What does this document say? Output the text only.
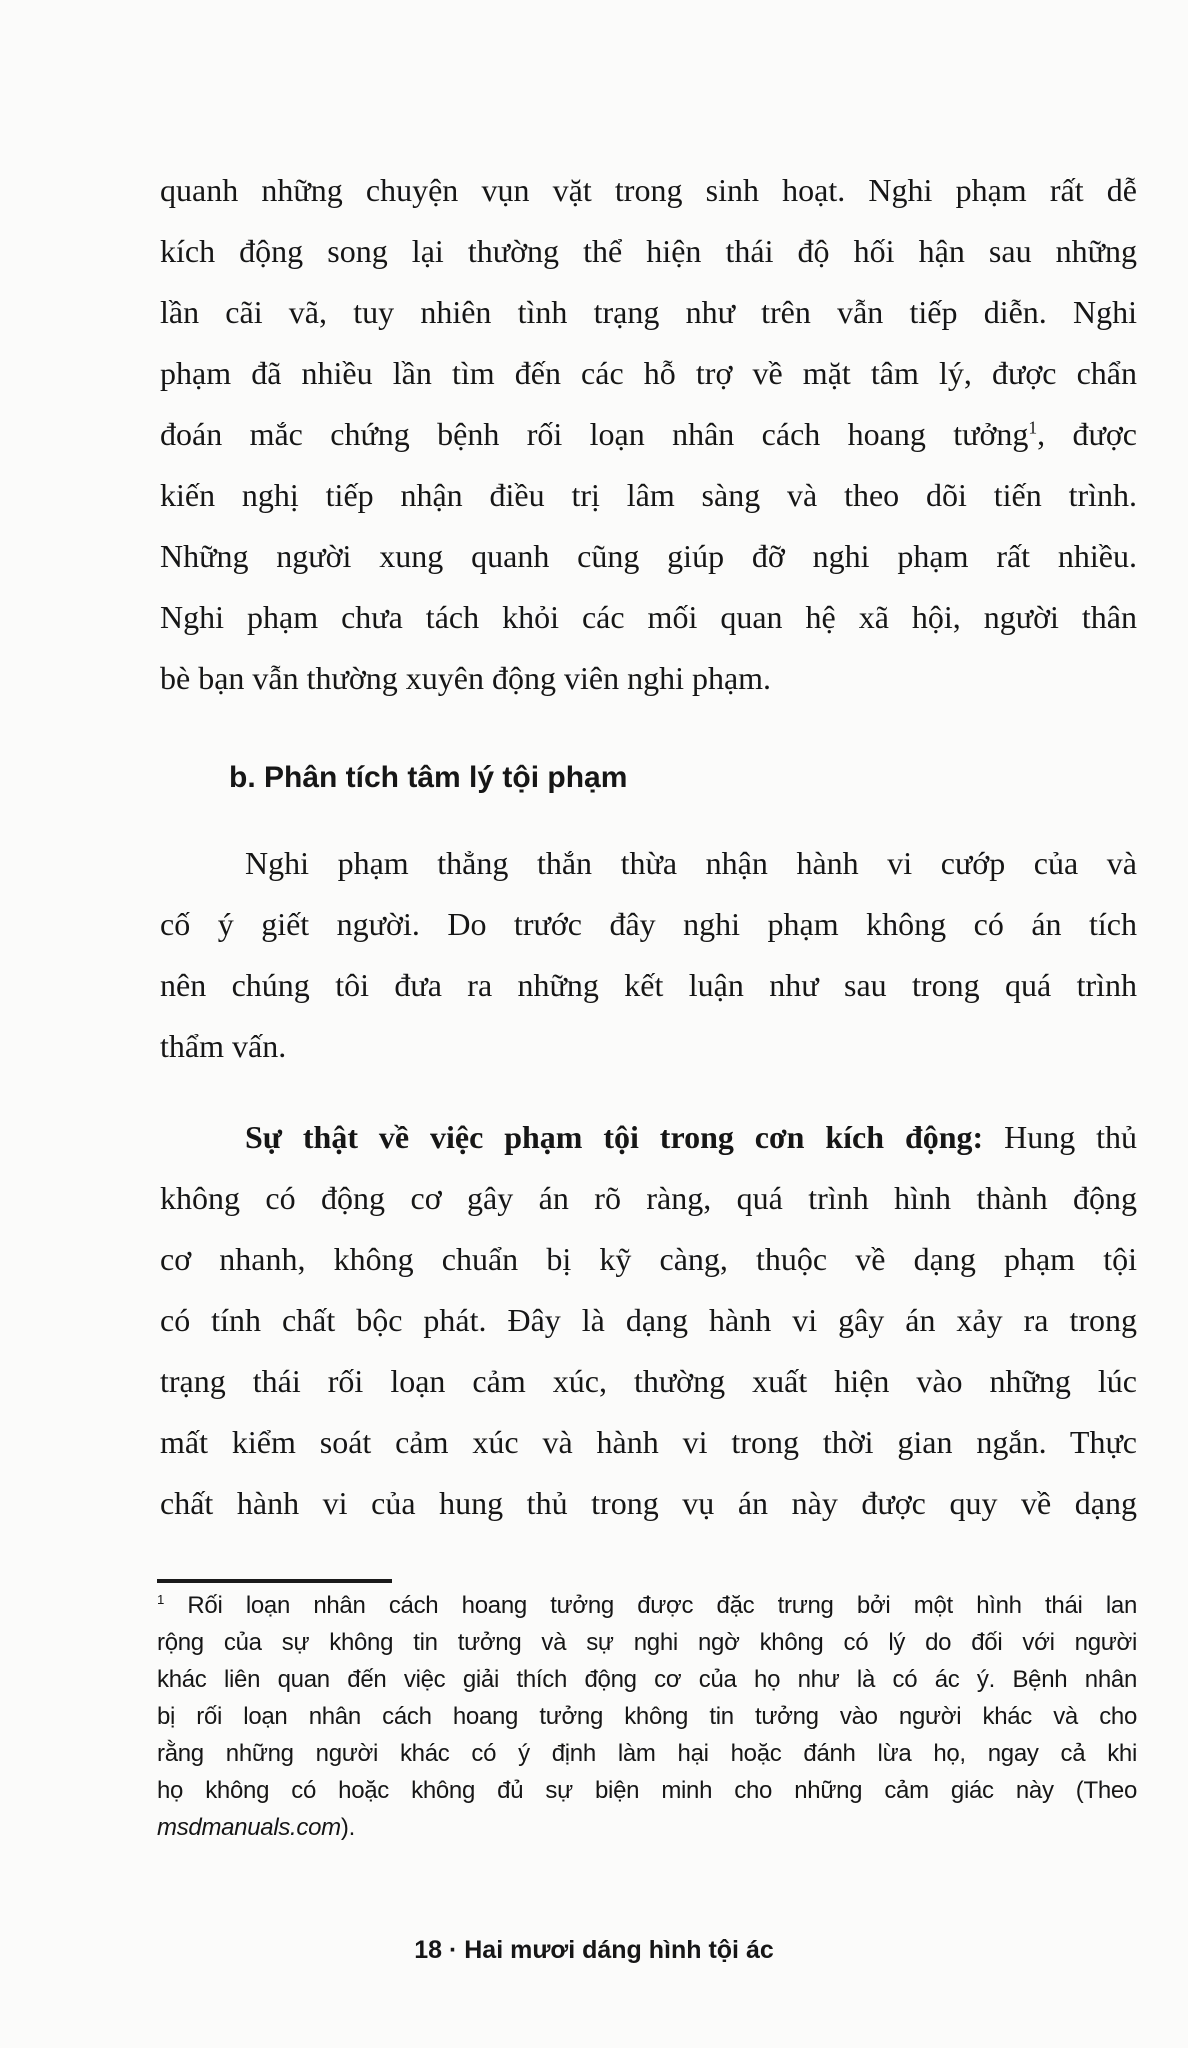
quanh những chuyện vụn vặt trong sinh hoạt. Nghi phạm rất dễ
kích động song lại thường thể hiện thái độ hối hận sau những
lần cãi vã, tuy nhiên tình trạng như trên vẫn tiếp diễn. Nghi
phạm đã nhiều lần tìm đến các hỗ trợ về mặt tâm lý, được chẩn
đoán mắc chứng bệnh rối loạn nhân cách hoang tưởng$^1$, được
kiến nghị tiếp nhận điều trị lâm sàng và theo dõi tiến trình.
Những người xung quanh cũng giúp đỡ nghi phạm rất nhiều.
Nghi phạm chưa tách khỏi các mối quan hệ xã hội, người thân
bè bạn vẫn thường xuyên động viên nghi phạm.
b. Phân tích tâm lý tội phạm
Nghi phạm thẳng thắn thừa nhận hành vi cướp của và
cố ý giết người. Do trước đây nghi phạm không có án tích
nên chúng tôi đưa ra những kết luận như sau trong quá trình
thẩm vấn.
Sự thật về việc phạm tội trong cơn kích động: Hung thủ
không có động cơ gây án rõ ràng, quá trình hình thành động
cơ nhanh, không chuẩn bị kỹ càng, thuộc về dạng phạm tội
có tính chất bộc phát. Đây là dạng hành vi gây án xảy ra trong
trạng thái rối loạn cảm xúc, thường xuất hiện vào những lúc
mất kiểm soát cảm xúc và hành vi trong thời gian ngắn. Thực
chất hành vi của hung thủ trong vụ án này được quy về dạng
$^1$ Rối loạn nhân cách hoang tưởng được đặc trưng bởi một hình thái lan
rộng của sự không tin tưởng và sự nghi ngờ không có lý do đối với người
khác liên quan đến việc giải thích động cơ của họ như là có ác ý. Bệnh nhân
bị rối loạn nhân cách hoang tưởng không tin tưởng vào người khác và cho
rằng những người khác có ý định làm hại hoặc đánh lừa họ, ngay cả khi
họ không có hoặc không đủ sự biện minh cho những cảm giác này (Theo
msdmanuals.com).
18 · Hai mươi dáng hình tội ác
